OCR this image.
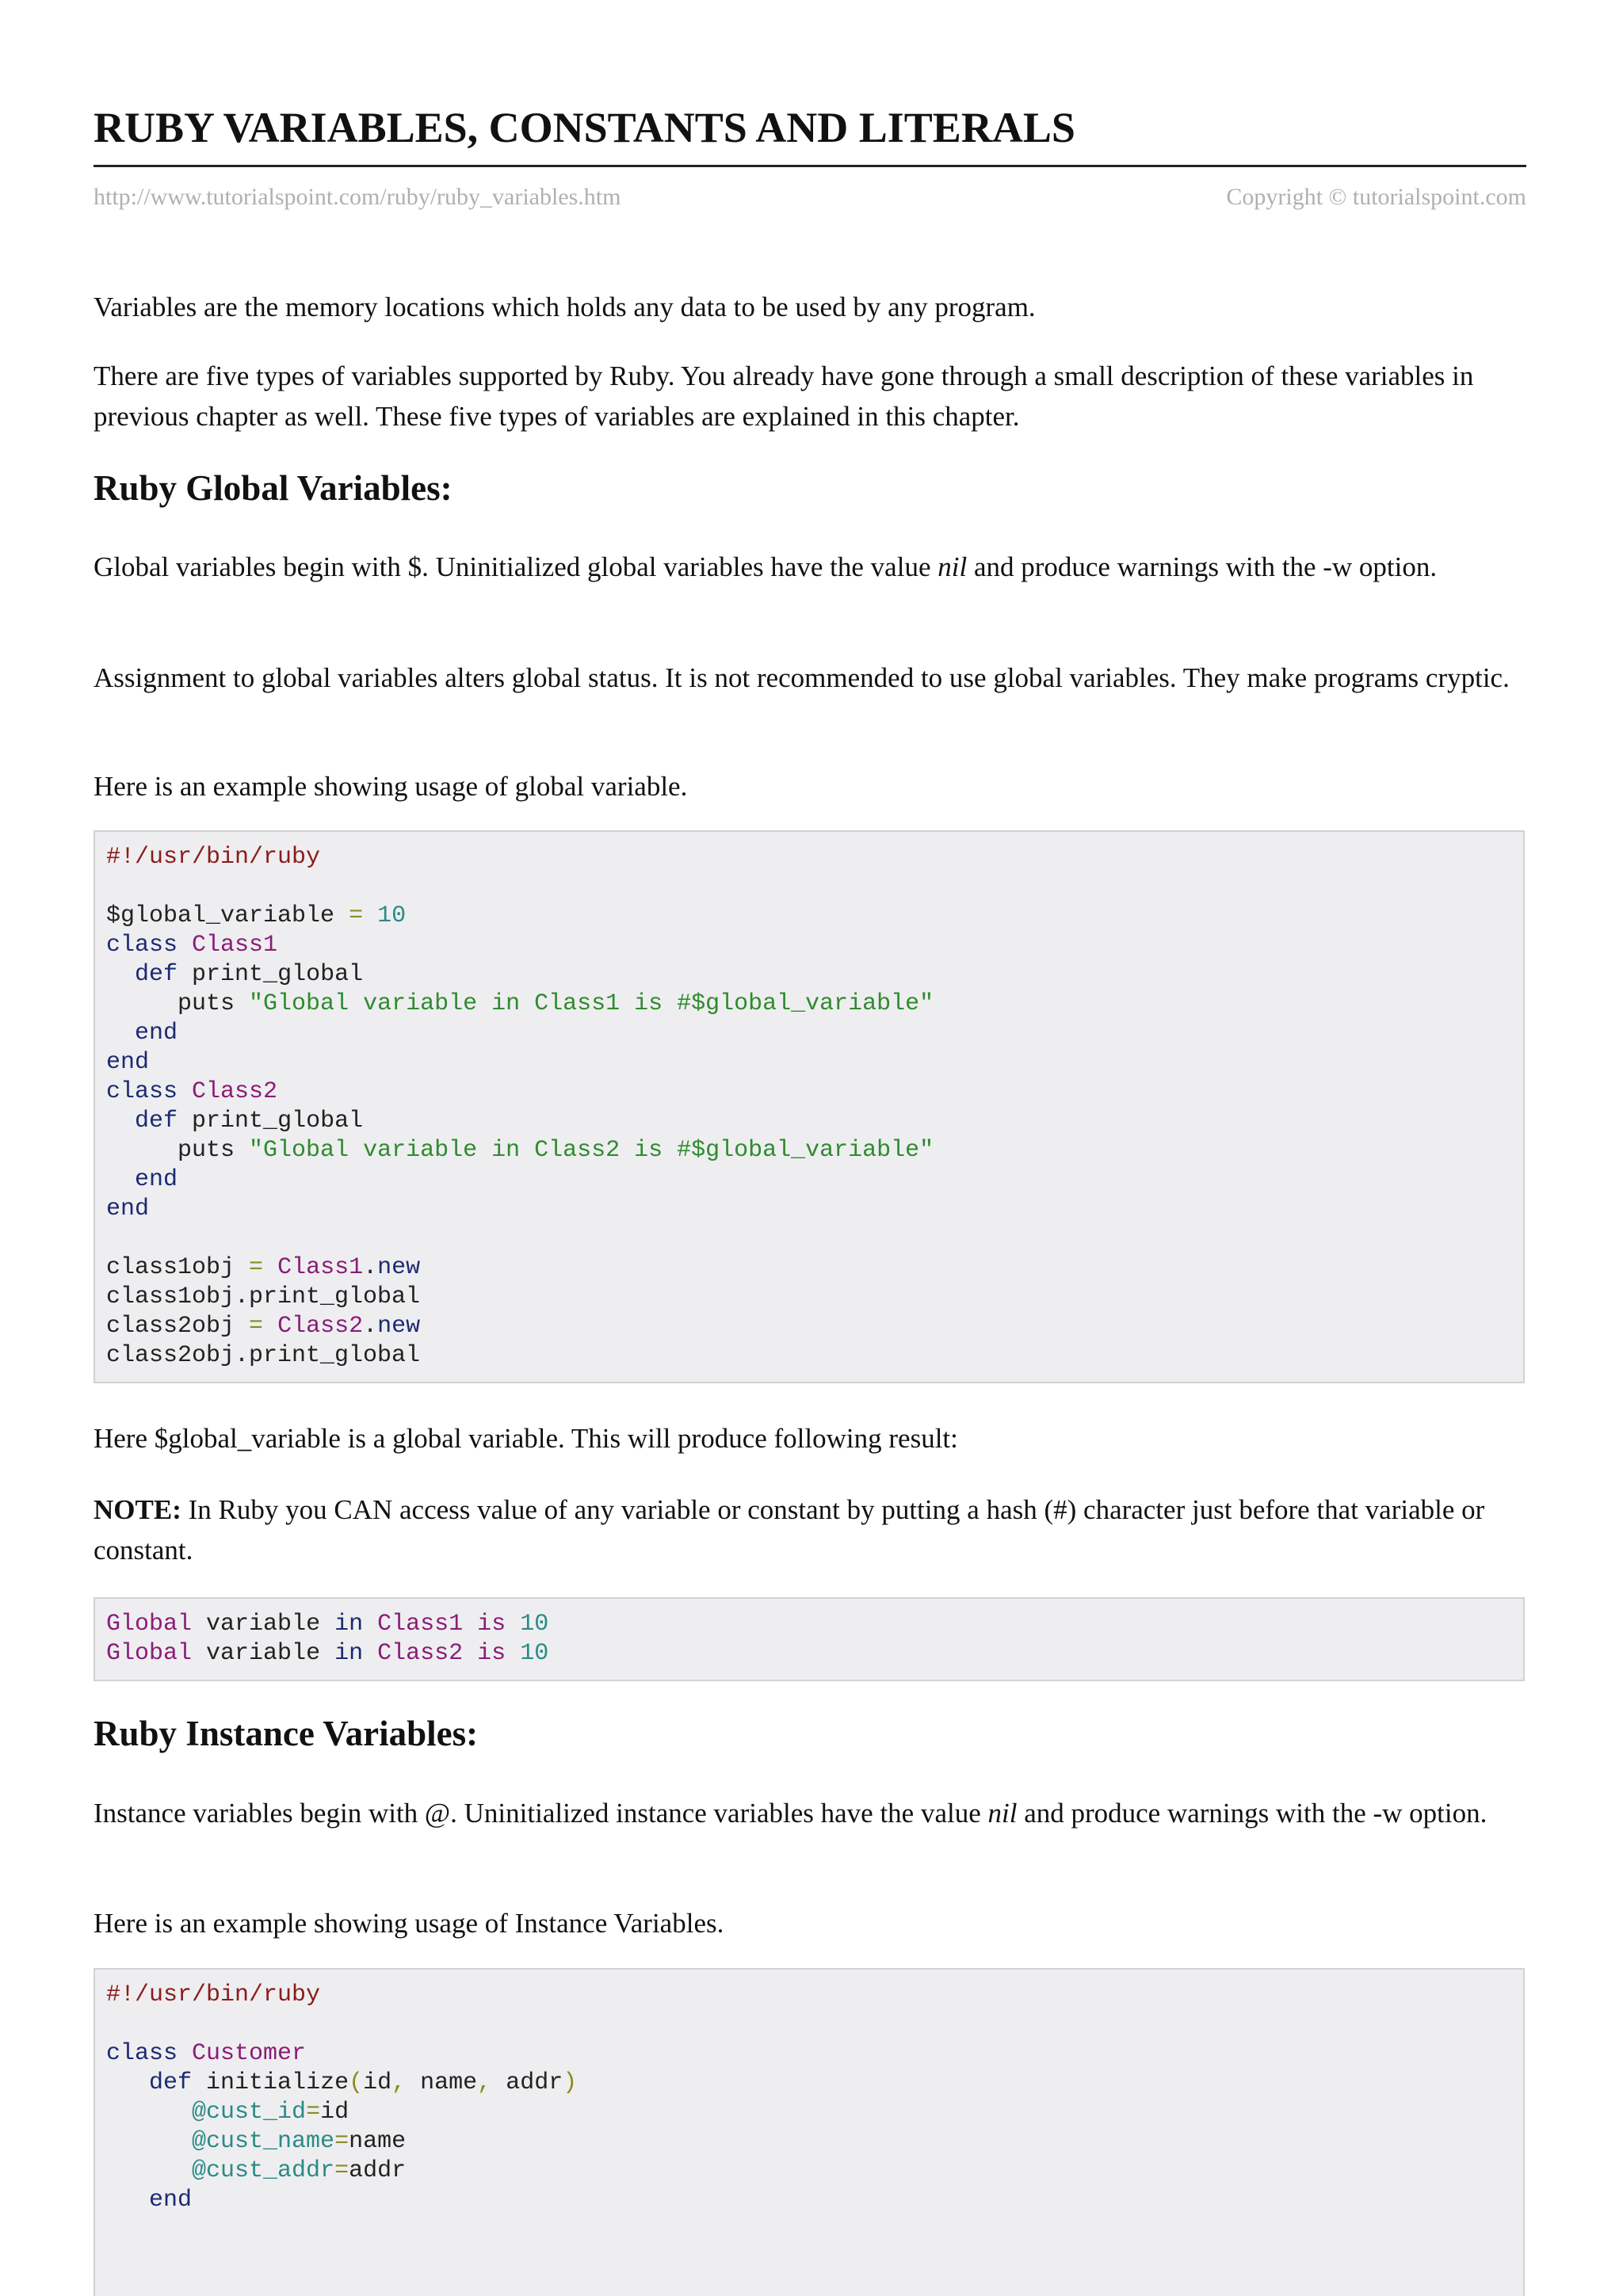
RUBY VARIABLES, CONSTANTS AND LITERALS
http://www.tutorialspoint.com/ruby/ruby_variables.htm	Copyright © tutorialspoint.com

Variables are the memory locations which holds any data to be used by any program.

There are five types of variables supported by Ruby. You already have gone through a small description of these variables in previous chapter as well. These five types of variables are explained in this chapter.

Ruby Global Variables:

Global variables begin with $. Uninitialized global variables have the value nil and produce warnings with the -w option.

Assignment to global variables alters global status. It is not recommended to use global variables. They make programs cryptic.

Here is an example showing usage of global variable.

#!/usr/bin/ruby
$global_variable = 10
class Class1
def print_global
puts "Global variable in Class1 is #$global_variable"
end
end
class Class2
def print_global
puts "Global variable in Class2 is #$global_variable"
end
end
class1obj = Class1.new
class1obj.print_global
class2obj = Class2.new
class2obj.print_global

Here $global_variable is a global variable. This will produce following result:

NOTE: In Ruby you CAN access value of any variable or constant by putting a hash (#) character just before that variable or constant.

Global variable in Class1 is 10
Global variable in Class2 is 10
Ruby Instance Variables:

Instance variables begin with @. Uninitialized instance variables have the value nil and produce warnings with the -w option.

Here is an example showing usage of Instance Variables.

#!/usr/bin/ruby
class Customer
def initialize(id, name, addr)
@cust_id=id
@cust_name=name
@cust_addr=addr
end
